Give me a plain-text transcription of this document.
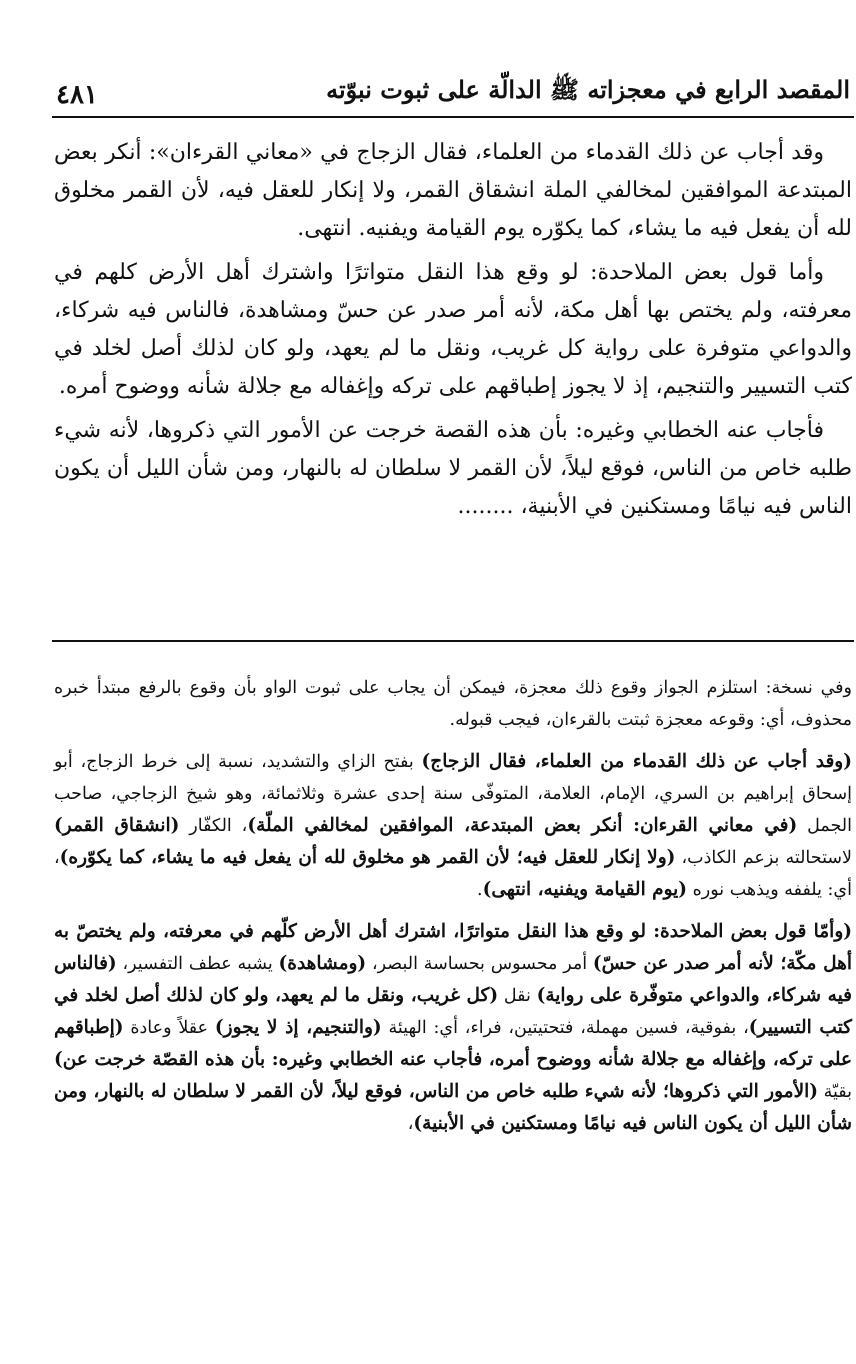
المقصد الرابع في معجزاته ﷺ الدالّة على ثبوت نبوّته
٤٨١

وقد أجاب عن ذلك القدماء من العلماء، فقال الزجاج في «معاني القرءان»: أنكر بعض المبتدعة الموافقين لمخالفي الملة انشقاق القمر، ولا إنكار للعقل فيه، لأن القمر مخلوق لله أن يفعل فيه ما يشاء، كما يكوّره يوم القيامة ويفنيه. انتهى.

وأما قول بعض الملاحدة: لو وقع هذا النقل متواترًا واشترك أهل الأرض كلهم في معرفته، ولم يختص بها أهل مكة، لأنه أمر صدر عن حسّ ومشاهدة، فالناس فيه شركاء، والدواعي متوفرة على رواية كل غريب، ونقل ما لم يعهد، ولو كان لذلك أصل لخلد في كتب التسيير والتنجيم، إذ لا يجوز إطباقهم على تركه وإغفاله مع جلالة شأنه ووضوح أمره.

فأجاب عنه الخطابي وغيره: بأن هذه القصة خرجت عن الأمور التي ذكروها، لأنه شيء طلبه خاص من الناس، فوقع ليلاً، لأن القمر لا سلطان له بالنهار، ومن شأن الليل أن يكون الناس فيه نيامًا ومستكنين في الأبنية، ........

وفي نسخة: استلزم الجواز وقوع ذلك معجزة، فيمكن أن يجاب على ثبوت الواو بأن وقوع بالرفع مبتدأ خبره محذوف، أي: وقوعه معجزة ثبتت بالقرءان، فيجب قبوله.

(وقد أجاب عن ذلك القدماء من العلماء، فقال الزجاج) بفتح الزاي والتشديد، نسبة إلى خرط الزجاج، أبو إسحاق إبراهيم بن السري، الإمام، العلامة، المتوفّى سنة إحدى عشرة وثلاثمائة، وهو شيخ الزجاجي، صاحب الجمل (في معاني القرءان: أنكر بعض المبتدعة، الموافقين لمخالفي الملّة)، الكفّار (انشقاق القمر) لاستحالته بزعم الكاذب، (ولا إنكار للعقل فيه؛ لأن القمر هو مخلوق لله أن يفعل فيه ما يشاء، كما يكوّره)، أي: يلففه ويذهب نوره (يوم القيامة ويفنيه، انتهى).

(وأمّا قول بعض الملاحدة: لو وقع هذا النقل متواترًا، اشترك أهل الأرض كلّهم في معرفته، ولم يختصّ به أهل مكّة؛ لأنه أمر صدر عن حسّ) أمر محسوس بحساسة البصر، (ومشاهدة) يشبه عطف التفسير، (فالناس فيه شركاء، والدواعي متوفّرة على رواية) نقل (كل غريب، ونقل ما لم يعهد، ولو كان لذلك أصل لخلد في كتب التسيير)، بفوقية، فسين مهملة، فتحتيتين، فراء، أي: الهيئة (والتنجيم، إذ لا يجوز) عقلاً وعادة (إطباقهم على تركه، وإغفاله مع جلالة شأنه ووضوح أمره، فأجاب عنه الخطابي وغيره: بأن هذه القصّة خرجت عن) بقيّة (الأمور التي ذكروها؛ لأنه شيء طلبه خاص من الناس، فوقع ليلاً، لأن القمر لا سلطان له بالنهار، ومن شأن الليل أن يكون الناس فيه نيامًا ومستكنين في الأبنية)،
